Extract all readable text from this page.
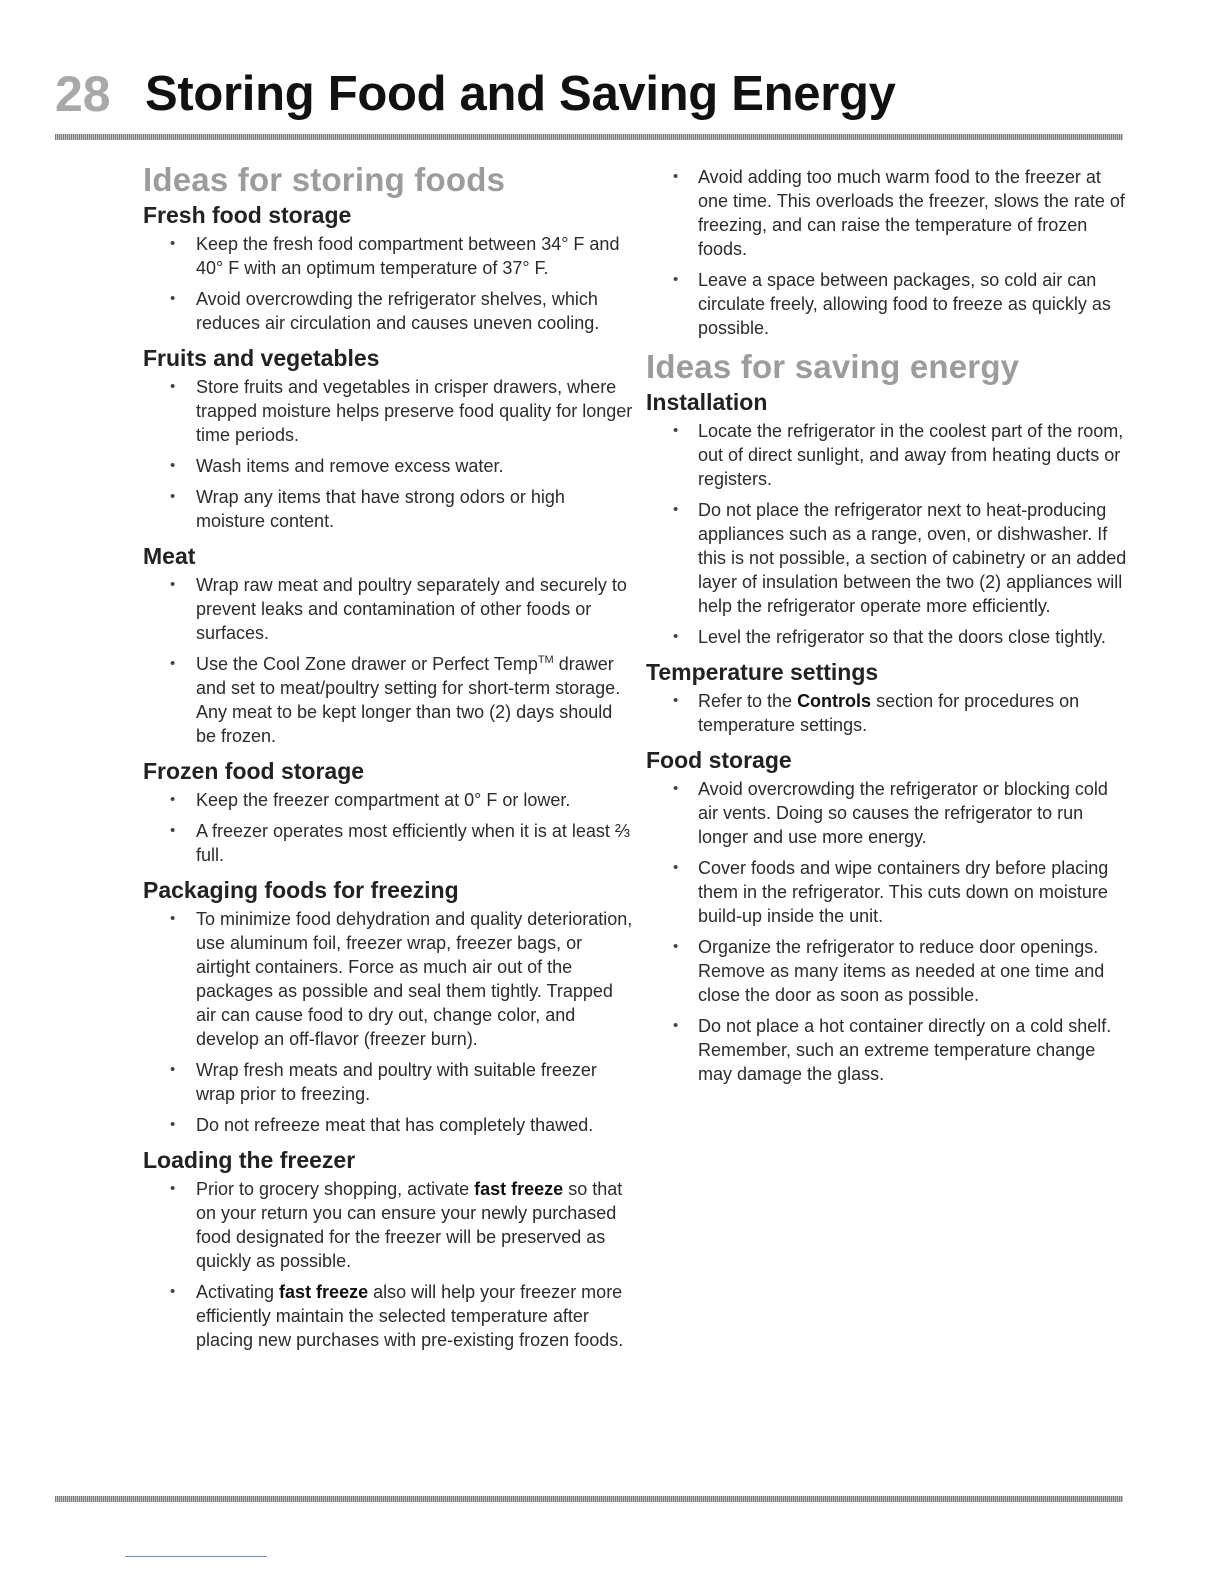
28 Storing Food and Saving Energy
Ideas for storing foods
Fresh food storage
• Keep the fresh food compartment between 34° F and 40° F with an optimum temperature of 37° F.
• Avoid overcrowding the refrigerator shelves, which reduces air circulation and causes uneven cooling.
Fruits and vegetables
• Store fruits and vegetables in crisper drawers, where trapped moisture helps preserve food quality for longer time periods.
• Wash items and remove excess water.
• Wrap any items that have strong odors or high moisture content.
Meat
• Wrap raw meat and poultry separately and securely to prevent leaks and contamination of other foods or surfaces.
• Use the Cool Zone drawer or Perfect Temp™ drawer and set to meat/poultry setting for short-term storage. Any meat to be kept longer than two (2) days should be frozen.
Frozen food storage
• Keep the freezer compartment at 0° F or lower.
• A freezer operates most efficiently when it is at least ⅔ full.
Packaging foods for freezing
• To minimize food dehydration and quality deterioration, use aluminum foil, freezer wrap, freezer bags, or airtight containers. Force as much air out of the packages as possible and seal them tightly. Trapped air can cause food to dry out, change color, and develop an off-flavor (freezer burn).
• Wrap fresh meats and poultry with suitable freezer wrap prior to freezing.
• Do not refreeze meat that has completely thawed.
Loading the freezer
• Prior to grocery shopping, activate fast freeze so that on your return you can ensure your newly purchased food designated for the freezer will be preserved as quickly as possible.
• Activating fast freeze also will help your freezer more efficiently maintain the selected temperature after placing new purchases with pre-existing frozen foods.
• Avoid adding too much warm food to the freezer at one time. This overloads the freezer, slows the rate of freezing, and can raise the temperature of frozen foods.
• Leave a space between packages, so cold air can circulate freely, allowing food to freeze as quickly as possible.
Ideas for saving energy
Installation
• Locate the refrigerator in the coolest part of the room, out of direct sunlight, and away from heating ducts or registers.
• Do not place the refrigerator next to heat-producing appliances such as a range, oven, or dishwasher. If this is not possible, a section of cabinetry or an added layer of insulation between the two (2) appliances will help the refrigerator operate more efficiently.
• Level the refrigerator so that the doors close tightly.
Temperature settings
• Refer to the Controls section for procedures on temperature settings.
Food storage
• Avoid overcrowding the refrigerator or blocking cold air vents. Doing so causes the refrigerator to run longer and use more energy.
• Cover foods and wipe containers dry before placing them in the refrigerator. This cuts down on moisture build-up inside the unit.
• Organize the refrigerator to reduce door openings. Remove as many items as needed at one time and close the door as soon as possible.
• Do not place a hot container directly on a cold shelf. Remember, such an extreme temperature change may damage the glass.
